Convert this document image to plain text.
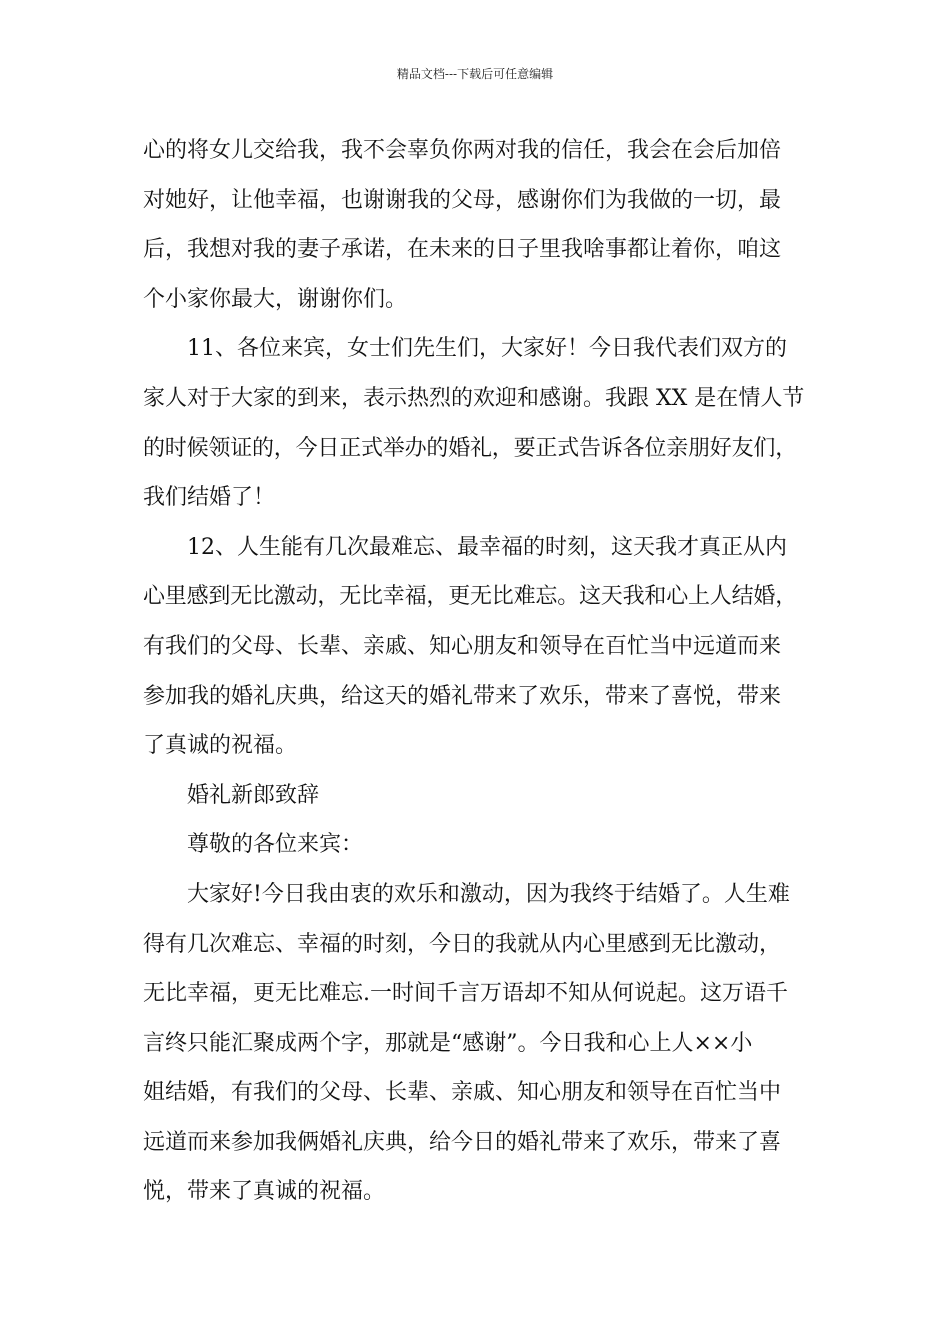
精品文档---下载后可任意编辑
心的将女儿交给我，我不会辜负你两对我的信任，我会在会后加倍
对她好，让他幸福，也谢谢我的父母，感谢你们为我做的一切，最
后，我想对我的妻子承诺，在未来的日子里我啥事都让着你，咱这
个小家你最大，谢谢你们。
11、各位来宾，女士们先生们，大家好！今日我代表们双方的
家人对于大家的到来，表示热烈的欢迎和感谢。我跟 XX 是在情人节
的时候领证的，今日正式举办的婚礼，要正式告诉各位亲朋好友们，
我们结婚了！
12、人生能有几次最难忘、最幸福的时刻，这天我才真正从内
心里感到无比激动，无比幸福，更无比难忘。这天我和心上人结婚，
有我们的父母、长辈、亲戚、知心朋友和领导在百忙当中远道而来
参加我的婚礼庆典，给这天的婚礼带来了欢乐，带来了喜悦，带来
了真诚的祝福。
婚礼新郎致辞
尊敬的各位来宾：
大家好!今日我由衷的欢乐和激动，因为我终于结婚了。人生难
得有几次难忘、幸福的时刻，今日的我就从内心里感到无比激动，
无比幸福，更无比难忘.一时间千言万语却不知从何说起。这万语千
言终只能汇聚成两个字，那就是“感谢”。今日我和心上人××小
姐结婚，有我们的父母、长辈、亲戚、知心朋友和领导在百忙当中
远道而来参加我俩婚礼庆典，给今日的婚礼带来了欢乐，带来了喜
悦，带来了真诚的祝福。
